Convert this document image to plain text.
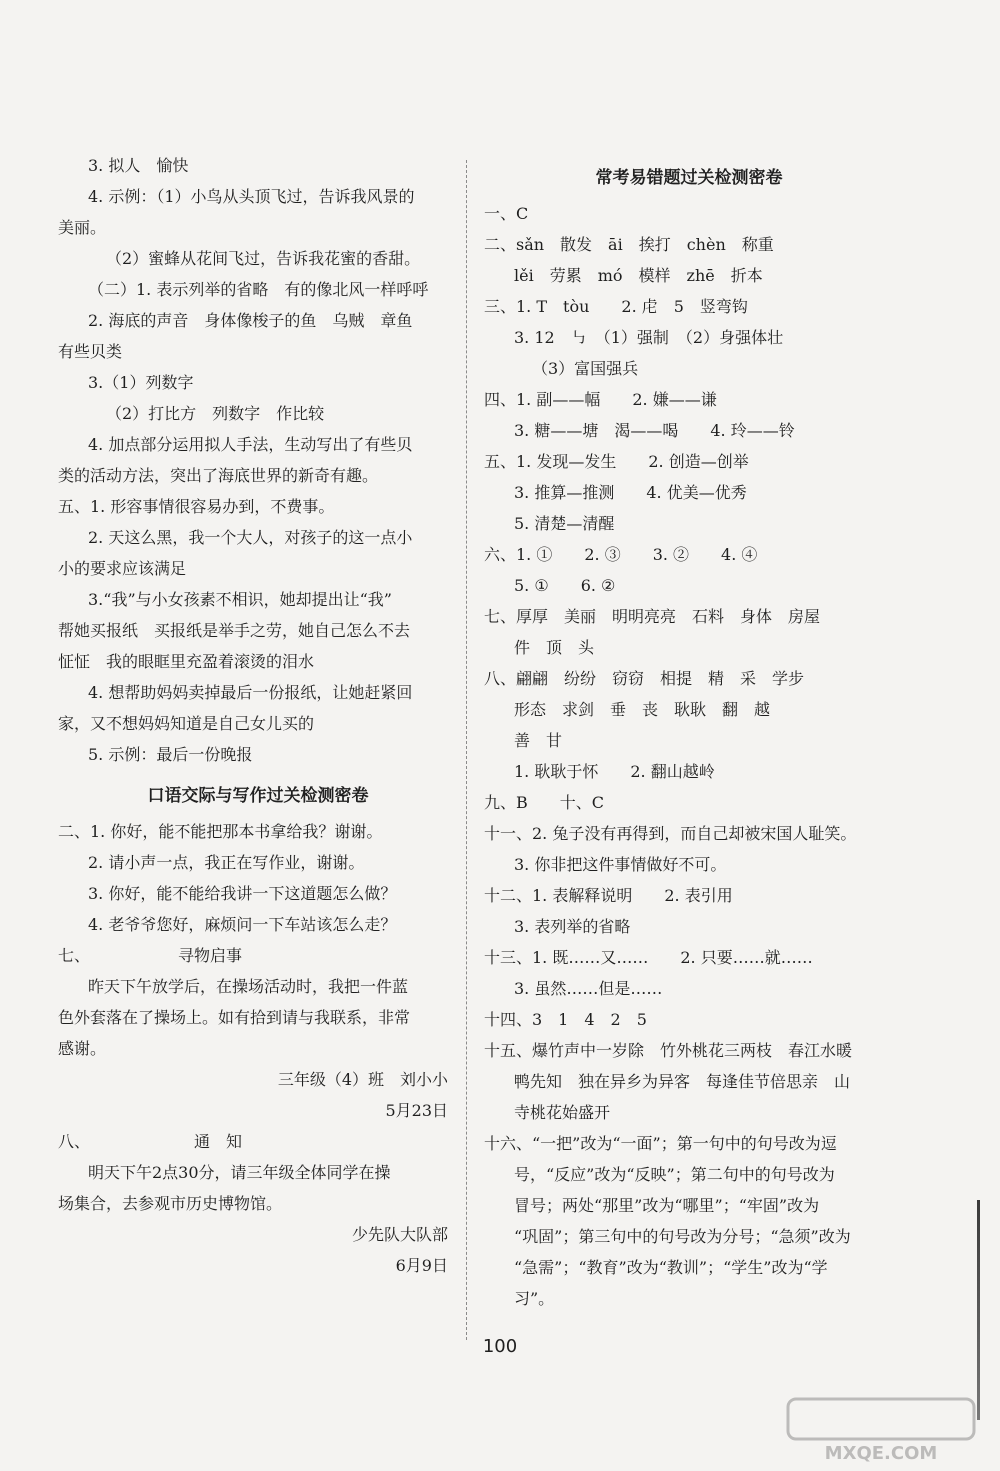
3. 拟人　愉快
4. 示例：（1）小鸟从头顶飞过，告诉我风景的
美丽。
（2）蜜蜂从花间飞过，告诉我花蜜的香甜。
（二）1. 表示列举的省略　有的像北风一样呼呼
2. 海底的声音　身体像梭子的鱼　乌贼　章鱼
有些贝类
3.（1）列数字
（2）打比方　列数字　作比较
4. 加点部分运用拟人手法，生动写出了有些贝
类的活动方法，突出了海底世界的新奇有趣。
五、1. 形容事情很容易办到，不费事。
2. 天这么黑，我一个大人，对孩子的这一点小
小的要求应该满足
3.“我”与小女孩素不相识，她却提出让“我”
帮她买报纸　买报纸是举手之劳，她自己怎么不去
怔怔　我的眼眶里充盈着滚烫的泪水
4. 想帮助妈妈卖掉最后一份报纸，让她赶紧回
家，又不想妈妈知道是自己女儿买的
5. 示例：最后一份晚报
口语交际与写作过关检测密卷
二、1. 你好，能不能把那本书拿给我？谢谢。
2. 请小声一点，我正在写作业，谢谢。
3. 你好，能不能给我讲一下这道题怎么做？
4. 老爷爷您好，麻烦问一下车站该怎么走？
七、　　　　　　寻物启事
昨天下午放学后，在操场活动时，我把一件蓝
色外套落在了操场上。如有拾到请与我联系，非常
感谢。
三年级（4）班　刘小小
5月23日　　
八、　　　　　　　通　知
明天下午2点30分，请三年级全体同学在操
场集合，去参观市历史博物馆。
少先队大队部
6月9日　　
常考易错题过关检测密卷
一、C
二、sǎn　散发　āi　挨打　chèn　称重
lěi　劳累　mó　模样　zhē　折本
三、1. T　tòu　　2. 虍　5　竖弯钩
3. 12　㇉　（1）强制　（2）身强体壮
（3）富国强兵
四、1. 副——幅　　2. 嫌——谦
3. 糖——塘　渴——喝　　4. 玲——铃
五、1. 发现—发生　　2. 创造—创举
3. 推算—推测　　4. 优美—优秀
5. 清楚—清醒
六、1. ①　　2. ③　　3. ②　　4. ④
5. ①　　6. ②
七、厚厚　美丽　明明亮亮　石料　身体　房屋
件　顶　头
八、翩翩　纷纷　窃窃　相提　精　采　学步
形态　求剑　垂　丧　耿耿　翻　越
善　甘
1. 耿耿于怀　　2. 翻山越岭
九、B　　十、C
十一、2. 兔子没有再得到，而自己却被宋国人耻笑。
3. 你非把这件事情做好不可。
十二、1. 表解释说明　　2. 表引用
3. 表列举的省略
十三、1. 既……又……　　2. 只要……就……
3. 虽然……但是……
十四、3　1　4　2　5
十五、爆竹声中一岁除　竹外桃花三两枝　春江水暖
鸭先知　独在异乡为异客　每逢佳节倍思亲　山
寺桃花始盛开
十六、“一把”改为“一面”；第一句中的句号改为逗
号，“反应”改为“反映”；第二句中的句号改为
冒号；两处“那里”改为“哪里”；“牢固”改为
“巩固”；第三句中的句号改为分号；“急须”改为
“急需”；“教育”改为“教训”；“学生”改为“学
习”。
100
MXQE.COM
